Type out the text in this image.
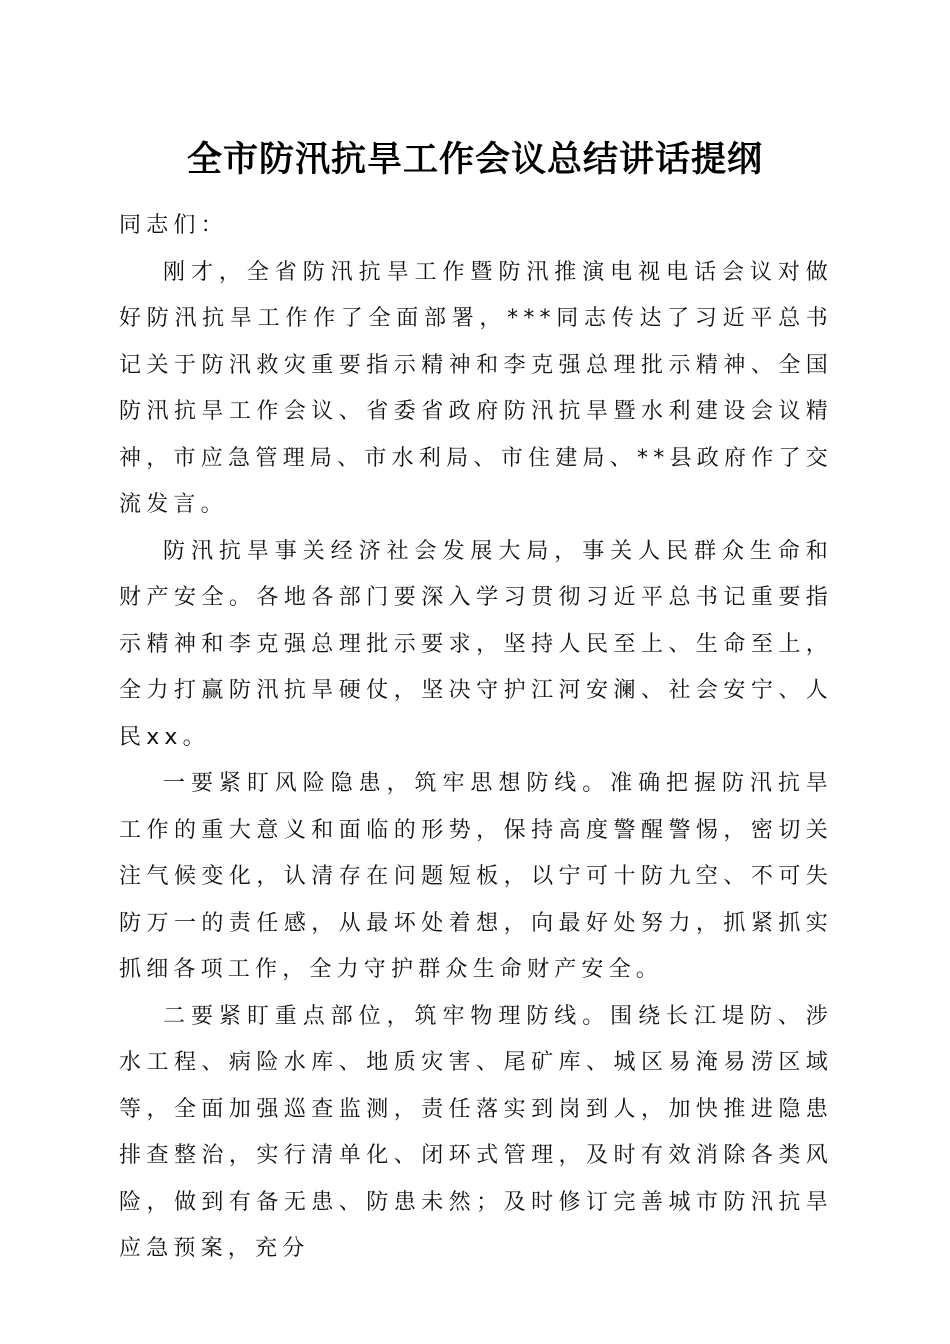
全市防汛抗旱工作会议总结讲话提纲

同志们：

刚才，全省防汛抗旱工作暨防汛推演电视电话会议对做好防汛抗旱工作作了全面部署，***同志传达了习近平总书记关于防汛救灾重要指示精神和李克强总理批示精神、全国防汛抗旱工作会议、省委省政府防汛抗旱暨水利建设会议精神，市应急管理局、市水利局、市住建局、**县政府作了交流发言。

防汛抗旱事关经济社会发展大局，事关人民群众生命和财产安全。各地各部门要深入学习贯彻习近平总书记重要指示精神和李克强总理批示要求，坚持人民至上、生命至上，全力打赢防汛抗旱硬仗，坚决守护江河安澜、社会安宁、人民xx。

一要紧盯风险隐患，筑牢思想防线。准确把握防汛抗旱工作的重大意义和面临的形势，保持高度警醒警惕，密切关注气候变化，认清存在问题短板，以宁可十防九空、不可失防万一的责任感，从最坏处着想，向最好处努力，抓紧抓实抓细各项工作，全力守护群众生命财产安全。

二要紧盯重点部位，筑牢物理防线。围绕长江堤防、涉水工程、病险水库、地质灾害、尾矿库、城区易淹易涝区域等，全面加强巡查监测，责任落实到岗到人，加快推进隐患排查整治，实行清单化、闭环式管理，及时有效消除各类风险，做到有备无患、防患未然；及时修订完善城市防汛抗旱应急预案，充分
